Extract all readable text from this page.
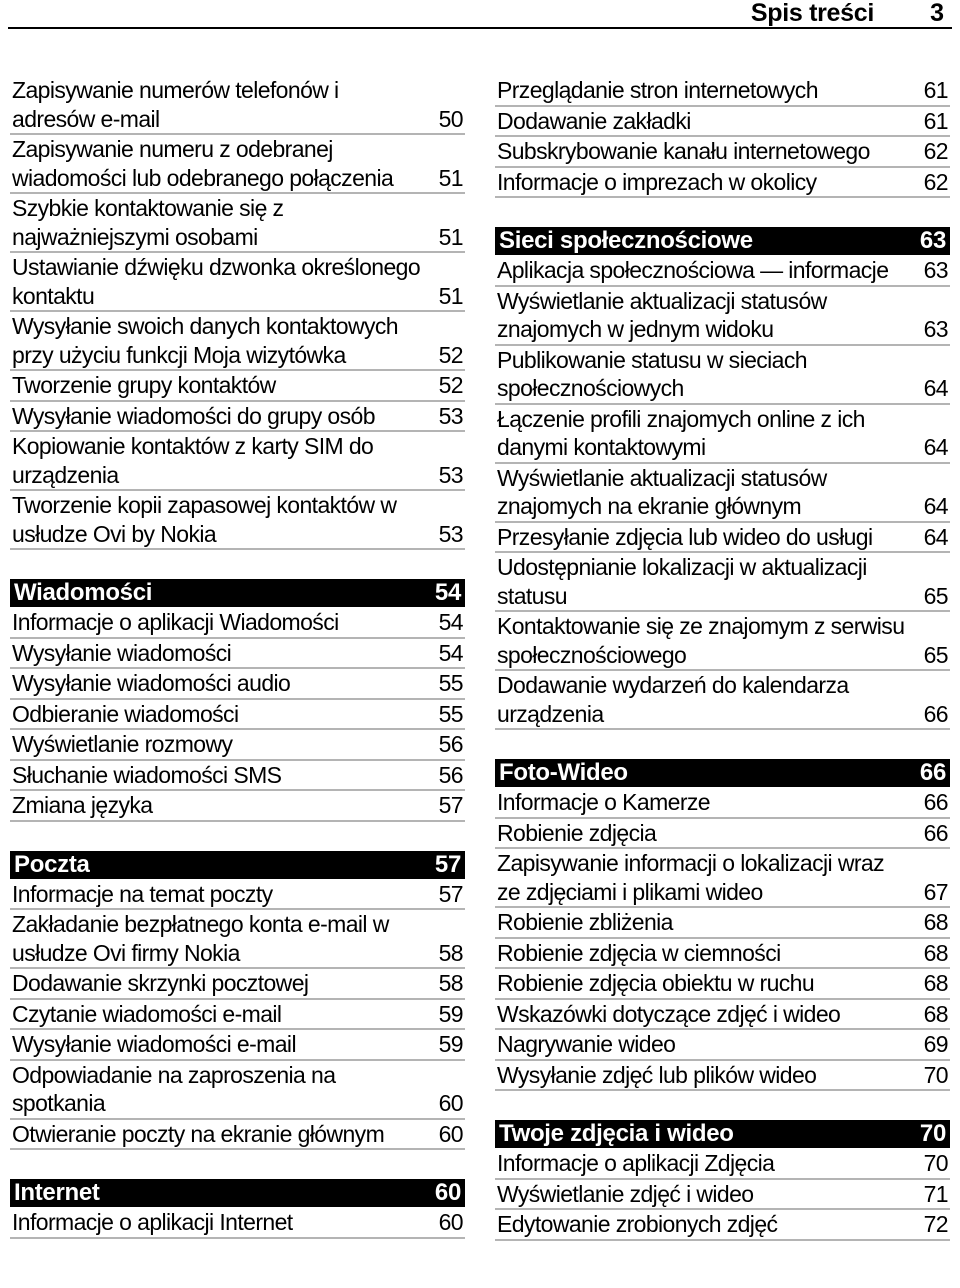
Spis treści 3
Zapisywanie numerów telefonów i adresów e-mail	50
Zapisywanie numeru z odebranej wiadomości lub odebranego połączenia	51
Szybkie kontaktowanie się z najważniejszymi osobami	51
Ustawianie dźwięku dzwonka określonego kontaktu	51
Wysyłanie swoich danych kontaktowych przy użyciu funkcji Moja wizytówka	52
Tworzenie grupy kontaktów	52
Wysyłanie wiadomości do grupy osób	53
Kopiowanie kontaktów z karty SIM do urządzenia	53
Tworzenie kopii zapasowej kontaktów w usłudze Ovi by Nokia	53
Wiadomości	54
Informacje o aplikacji Wiadomości	54
Wysyłanie wiadomości	54
Wysyłanie wiadomości audio	55
Odbieranie wiadomości	55
Wyświetlanie rozmowy	56
Słuchanie wiadomości SMS	56
Zmiana języka	57
Poczta	57
Informacje na temat poczty	57
Zakładanie bezpłatnego konta e-mail w usłudze Ovi firmy Nokia	58
Dodawanie skrzynki pocztowej	58
Czytanie wiadomości e-mail	59
Wysyłanie wiadomości e-mail	59
Odpowiadanie na zaproszenia na spotkania	60
Otwieranie poczty na ekranie głównym	60
Internet	60
Informacje o aplikacji Internet	60
Przeglądanie stron internetowych	61
Dodawanie zakładki	61
Subskrybowanie kanału internetowego	62
Informacje o imprezach w okolicy	62
Sieci społecznościowe	63
Aplikacja społecznościowa — informacje	63
Wyświetlanie aktualizacji statusów znajomych w jednym widoku	63
Publikowanie statusu w sieciach społecznościowych	64
Łączenie profili znajomych online z ich danymi kontaktowymi	64
Wyświetlanie aktualizacji statusów znajomych na ekranie głównym	64
Przesyłanie zdjęcia lub wideo do usługi	64
Udostępnianie lokalizacji w aktualizacji statusu	65
Kontaktowanie się ze znajomym z serwisu społecznościowego	65
Dodawanie wydarzeń do kalendarza urządzenia	66
Foto-Wideo	66
Informacje o Kamerze	66
Robienie zdjęcia	66
Zapisywanie informacji o lokalizacji wraz ze zdjęciami i plikami wideo	67
Robienie zbliżenia	68
Robienie zdjęcia w ciemności	68
Robienie zdjęcia obiektu w ruchu	68
Wskazówki dotyczące zdjęć i wideo	68
Nagrywanie wideo	69
Wysyłanie zdjęć lub plików wideo	70
Twoje zdjęcia i wideo	70
Informacje o aplikacji Zdjęcia	70
Wyświetlanie zdjęć i wideo	71
Edytowanie zrobionych zdjęć	72
